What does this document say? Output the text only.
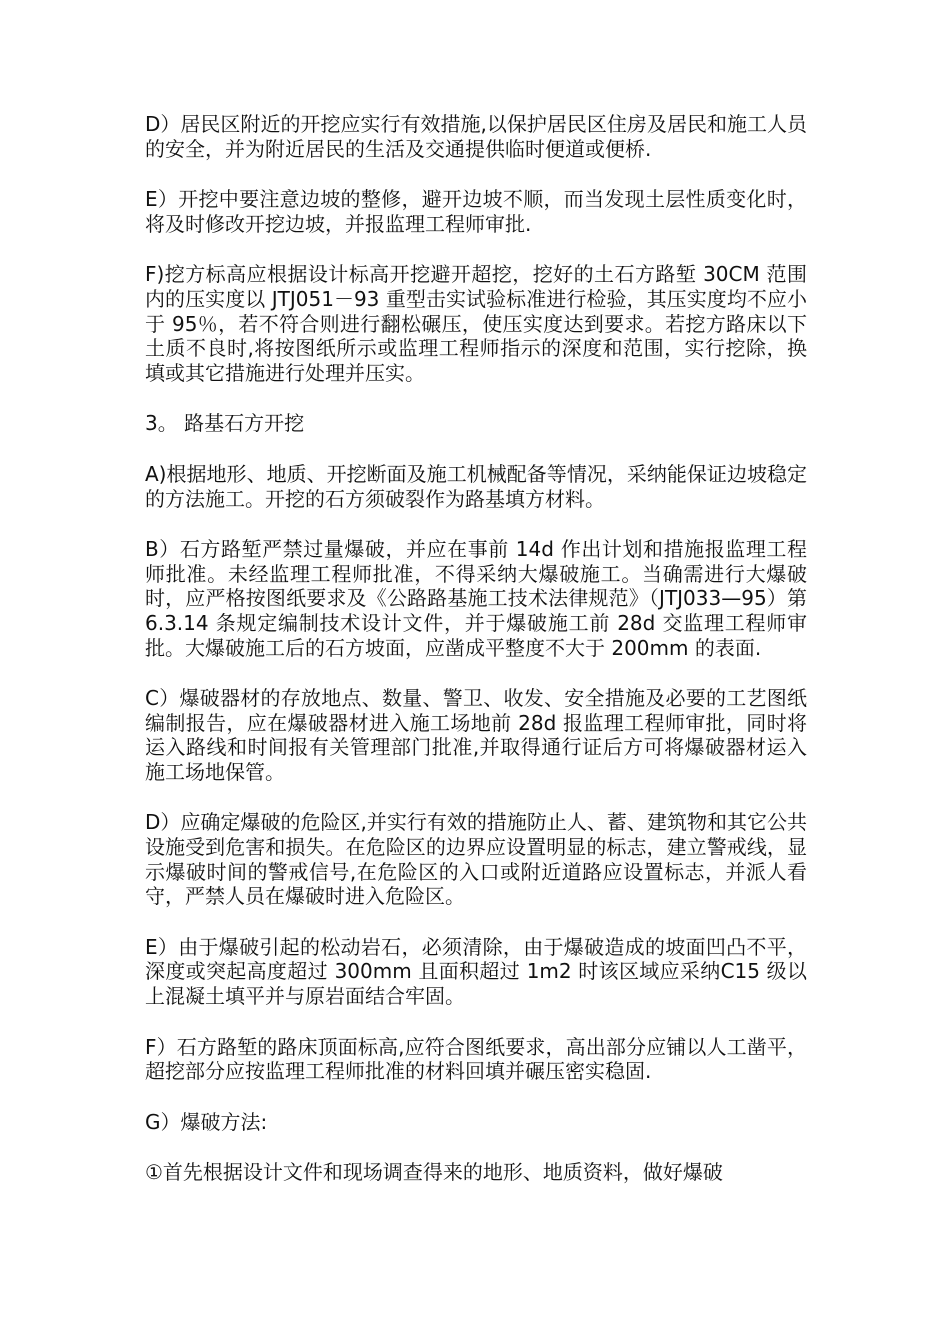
D）居民区附近的开挖应实行有效措施,以保护居民区住房及居民和施工人员的安全，并为附近居民的生活及交通提供临时便道或便桥.

E）开挖中要注意边坡的整修，避开边坡不顺，而当发现土层性质变化时，将及时修改开挖边坡，并报监理工程师审批.

F)挖方标高应根据设计标高开挖避开超挖，挖好的土石方路堑 30CM 范围内的压实度以 JTJ051－93 重型击实试验标准进行检验，其压实度均不应小于 95％，若不符合则进行翻松碾压，使压实度达到要求。若挖方路床以下土质不良时,将按图纸所示或监理工程师指示的深度和范围，实行挖除，换填或其它措施进行处理并压实。

3。 路基石方开挖

A)根据地形、地质、开挖断面及施工机械配备等情况，采纳能保证边坡稳定的方法施工。开挖的石方须破裂作为路基填方材料。

B）石方路堑严禁过量爆破，并应在事前 14d 作出计划和措施报监理工程师批准。未经监理工程师批准，不得采纳大爆破施工。当确需进行大爆破时，应严格按图纸要求及《公路路基施工技术法律规范》（JTJ033—95）第 6.3.14 条规定编制技术设计文件，并于爆破施工前 28d 交监理工程师审批。大爆破施工后的石方坡面，应凿成平整度不大于 200mm 的表面.

C）爆破器材的存放地点、数量、警卫、收发、安全措施及必要的工艺图纸编制报告，应在爆破器材进入施工场地前 28d 报监理工程师审批，同时将运入路线和时间报有关管理部门批准,并取得通行证后方可将爆破器材运入施工场地保管。

D）应确定爆破的危险区,并实行有效的措施防止人、蓄、建筑物和其它公共设施受到危害和损失。在危险区的边界应设置明显的标志，建立警戒线，显示爆破时间的警戒信号,在危险区的入口或附近道路应设置标志，并派人看守，严禁人员在爆破时进入危险区。

E）由于爆破引起的松动岩石，必须清除，由于爆破造成的坡面凹凸不平，深度或突起高度超过 300mm 且面积超过 1m2 时该区域应采纳C15 级以上混凝土填平并与原岩面结合牢固。

F）石方路堑的路床顶面标高,应符合图纸要求，高出部分应铺以人工凿平，超挖部分应按监理工程师批准的材料回填并碾压密实稳固.

G）爆破方法:

①首先根据设计文件和现场调查得来的地形、地质资料，做好爆破
